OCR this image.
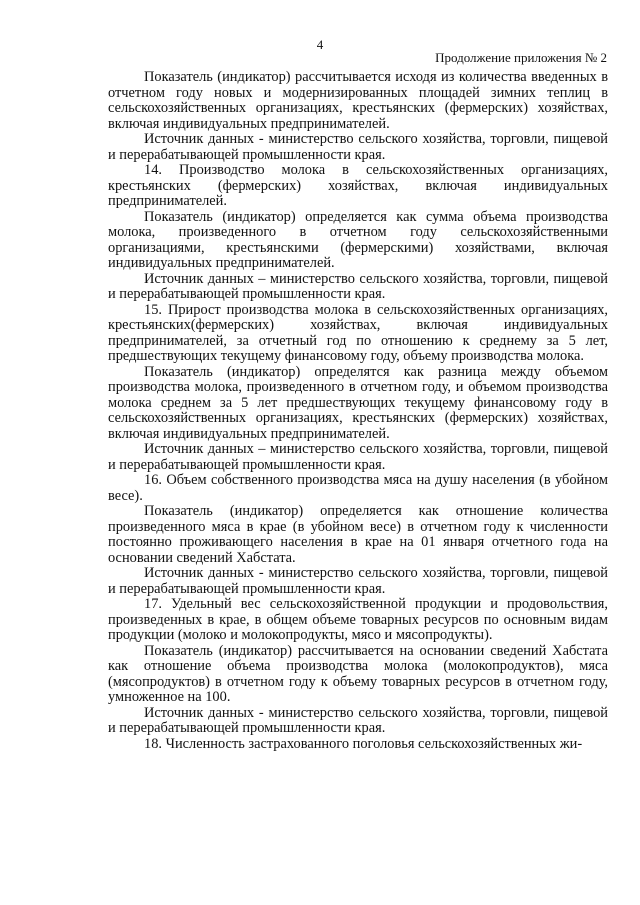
4
Продолжение приложения № 2

Показатель (индикатор) рассчитывается исходя из количества введенных в отчетном году новых и модернизированных площадей зимних теплиц в сельскохозяйственных организациях, крестьянских (фермерских) хозяйствах, включая индивидуальных предпринимателей.

Источник данных - министерство сельского хозяйства, торговли, пищевой и перерабатывающей промышленности края.

14. Производство молока в сельскохозяйственных организациях, крестьянских (фермерских) хозяйствах, включая индивидуальных предпринимателей.

Показатель (индикатор) определяется как сумма объема производства молока, произведенного в отчетном году сельскохозяйственными организациями, крестьянскими (фермерскими) хозяйствами, включая индивидуальных предпринимателей.

Источник данных – министерство сельского хозяйства, торговли, пищевой и перерабатывающей промышленности края.

15. Прирост производства молока в сельскохозяйственных организациях, крестьянских(фермерских) хозяйствах, включая индивидуальных предпринимателей, за отчетный год по отношению к среднему за 5 лет, предшествующих текущему финансовому году, объему производства молока.

Показатель (индикатор) определятся как разница между объемом производства молока, произведенного в отчетном году, и объемом производства молока среднем за 5 лет предшествующих текущему финансовому году в сельскохозяйственных организациях, крестьянских (фермерских) хозяйствах, включая индивидуальных предпринимателей.

Источник данных – министерство сельского хозяйства, торговли, пищевой и перерабатывающей промышленности края.

16. Объем собственного производства мяса на душу населения (в убойном весе).

Показатель (индикатор) определяется как отношение количества произведенного мяса в крае (в убойном весе) в отчетном году к численности постоянно проживающего населения в крае на 01 января отчетного года на основании сведений Хабстата.

Источник данных - министерство сельского хозяйства, торговли, пищевой и перерабатывающей промышленности края.

17. Удельный вес сельскохозяйственной продукции и продовольствия, произведенных в крае, в общем объеме товарных ресурсов по основным видам продукции (молоко и молокопродукты, мясо и мясопродукты).

Показатель (индикатор) рассчитывается на основании сведений Хабстата как отношение объема производства молока (молокопродуктов), мяса (мясопродуктов) в отчетном году к объему товарных ресурсов в отчетном году, умноженное на 100.

Источник данных - министерство сельского хозяйства, торговли, пищевой и перерабатывающей промышленности края.

18. Численность застрахованного поголовья сельскохозяйственных жи-
